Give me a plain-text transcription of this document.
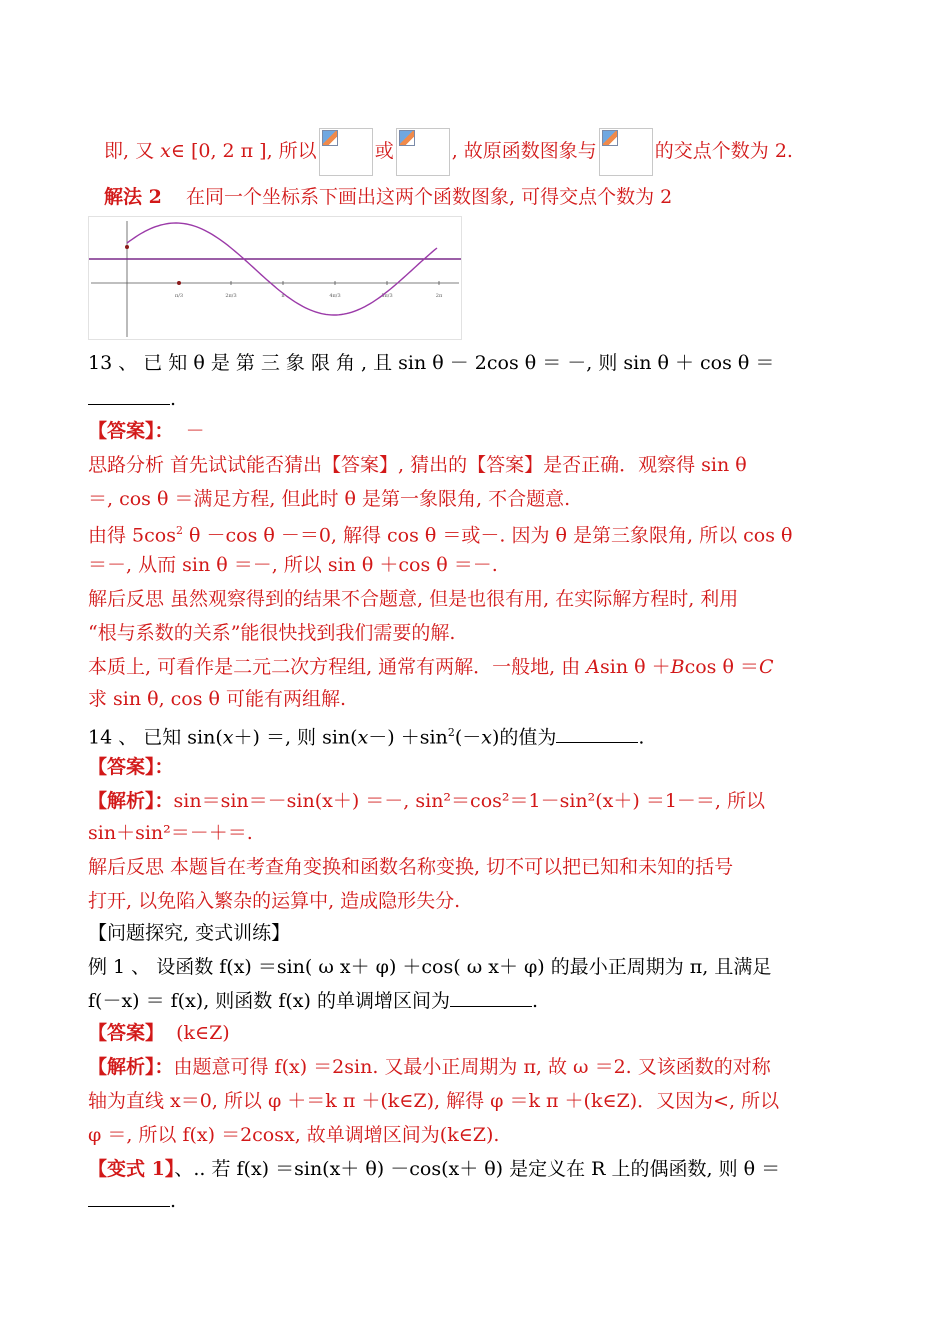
即, 又 x∈ [0, 2 π ], 所以	或	, 故原函数图象与	的交点个数为 2.
解法 2 在同一个坐标系下画出这两个函数图象, 可得交点个数为 2
π/3	2π/3	π	4π/3	5π/3	2π
13 、 已 知 θ 是 第 三 象 限 角 , 且 sin θ － 2cos θ ＝ －, 则 sin θ ＋ cos θ ＝
.
【答案】： －
思路分析 首先试试能否猜出【答案】, 猜出的【答案】是否正确．观察得 sin θ
＝, cos θ ＝满足方程, 但此时 θ 是第一象限角, 不合题意.
由得 $5\cos^2$ θ －cos θ －＝0, 解得 cos θ ＝或－. 因为 θ 是第三象限角, 所以 cos θ
＝－, 从而 sin θ ＝－, 所以 sin θ ＋cos θ ＝－.
解后反思 虽然观察得到的结果不合题意, 但是也很有用, 在实际解方程时, 利用
“根与系数的关系”能很快找到我们需要的解.
本质上, 可看作是二元二次方程组, 通常有两解．一般地, 由 Asin θ ＋Bcos θ ＝C
求 sin θ, cos θ 可能有两组解.
14 、 已知 sin(x＋) ＝, 则 $\sin(x-) +\sin^2(-x)$的值为	.
【答案】：
【解析】：sin＝sin＝－sin(x＋) ＝－, sin²＝cos²＝1－sin²(x＋) ＝1－＝, 所以
sin＋sin²＝－＋＝.
解后反思 本题旨在考查角变换和函数名称变换, 切不可以把已知和未知的括号
打开, 以免陷入繁杂的运算中, 造成隐形失分.
【问题探究, 变式训练】
例 1 、 设函数 f(x) ＝sin( ω x＋ φ) ＋cos( ω x＋ φ) 的最小正周期为 π, 且满足
f(－x) ＝ f(x), 则函数 f(x) 的单调增区间为	.
【答案】 (k∈Z)
【解析】：由题意可得 f(x) ＝2sin. 又最小正周期为 π, 故 ω ＝2. 又该函数的对称
轴为直线 x＝0, 所以 φ ＋＝k π ＋(k∈Z), 解得 φ ＝k π ＋(k∈Z)．又因为<, 所以
φ ＝, 所以 f(x) ＝2cosx, 故单调增区间为(k∈Z).
【变式 1】、.. 若 f(x) ＝sin(x＋ θ) －cos(x＋ θ) 是定义在 R 上的偶函数, 则 θ ＝
.
